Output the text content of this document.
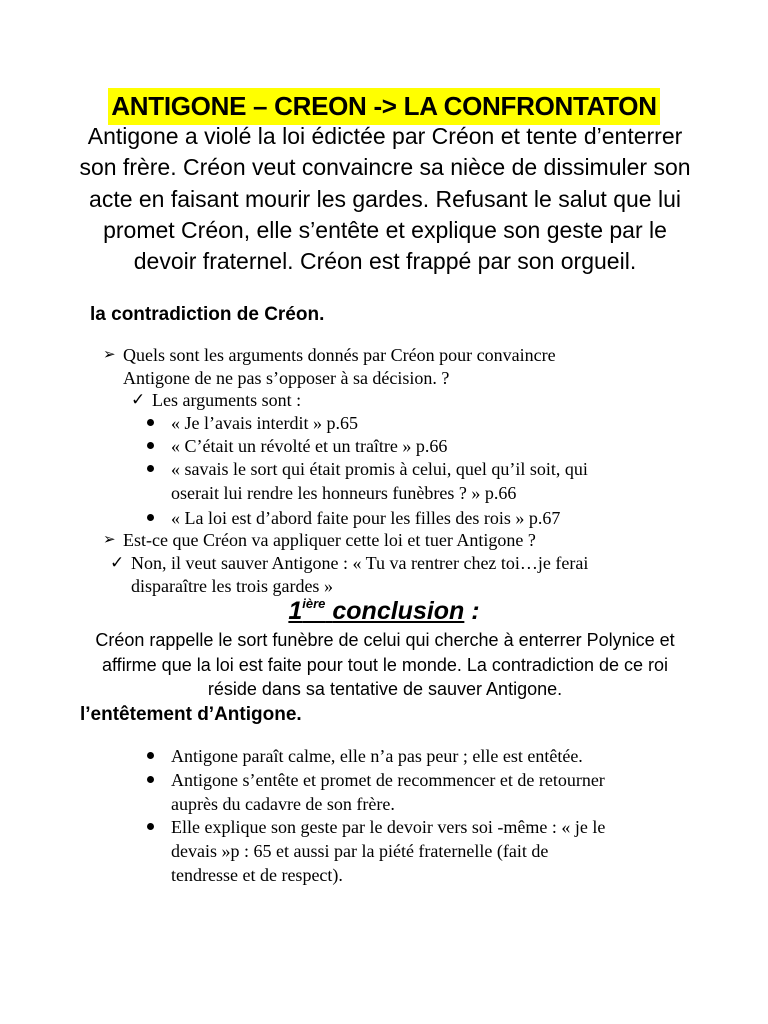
ANTIGONE – CREON -> LA CONFRONTATON

Antigone a violé la loi édictée par Créon et tente d’enterrer son frère. Créon veut convaincre sa nièce de dissimuler son acte en faisant mourir les gardes. Refusant le salut que lui promet Créon, elle s’entête et explique son geste par le devoir fraternel. Créon est frappé par son orgueil.

la contradiction de Créon.
➢ Quels sont les arguments donnés par Créon pour convaincre
Antigone de ne pas s’opposer à sa décision. ?
✓ Les arguments sont :
« Je l’avais interdit » p.65
« C’était un révolté et un traître » p.66
« savais le sort qui était promis à celui, quel qu’il soit, qui
oserait lui rendre les honneurs funèbres ? » p.66
« La loi est d’abord faite pour les filles des rois » p.67
➢ Est-ce que Créon va appliquer cette loi et tuer Antigone ?
✓ Non, il veut sauver Antigone : « Tu va rentrer chez toi…je ferai
disparaître les trois gardes »
$1^{ière}$ conclusion :

Créon rappelle le sort funèbre de celui qui cherche à enterrer Polynice et affirme que la loi est faite pour tout le monde. La contradiction de ce roi réside dans sa tentative de sauver Antigone.

l’entêtement d’Antigone.
Antigone paraît calme, elle n’a pas peur ; elle est entêtée.
Antigone s’entête et promet de recommencer et de retourner
auprès du cadavre de son frère.
Elle explique son geste par le devoir vers soi -même : « je le
devais »p : 65 et aussi par la piété fraternelle (fait de
tendresse et de respect).
